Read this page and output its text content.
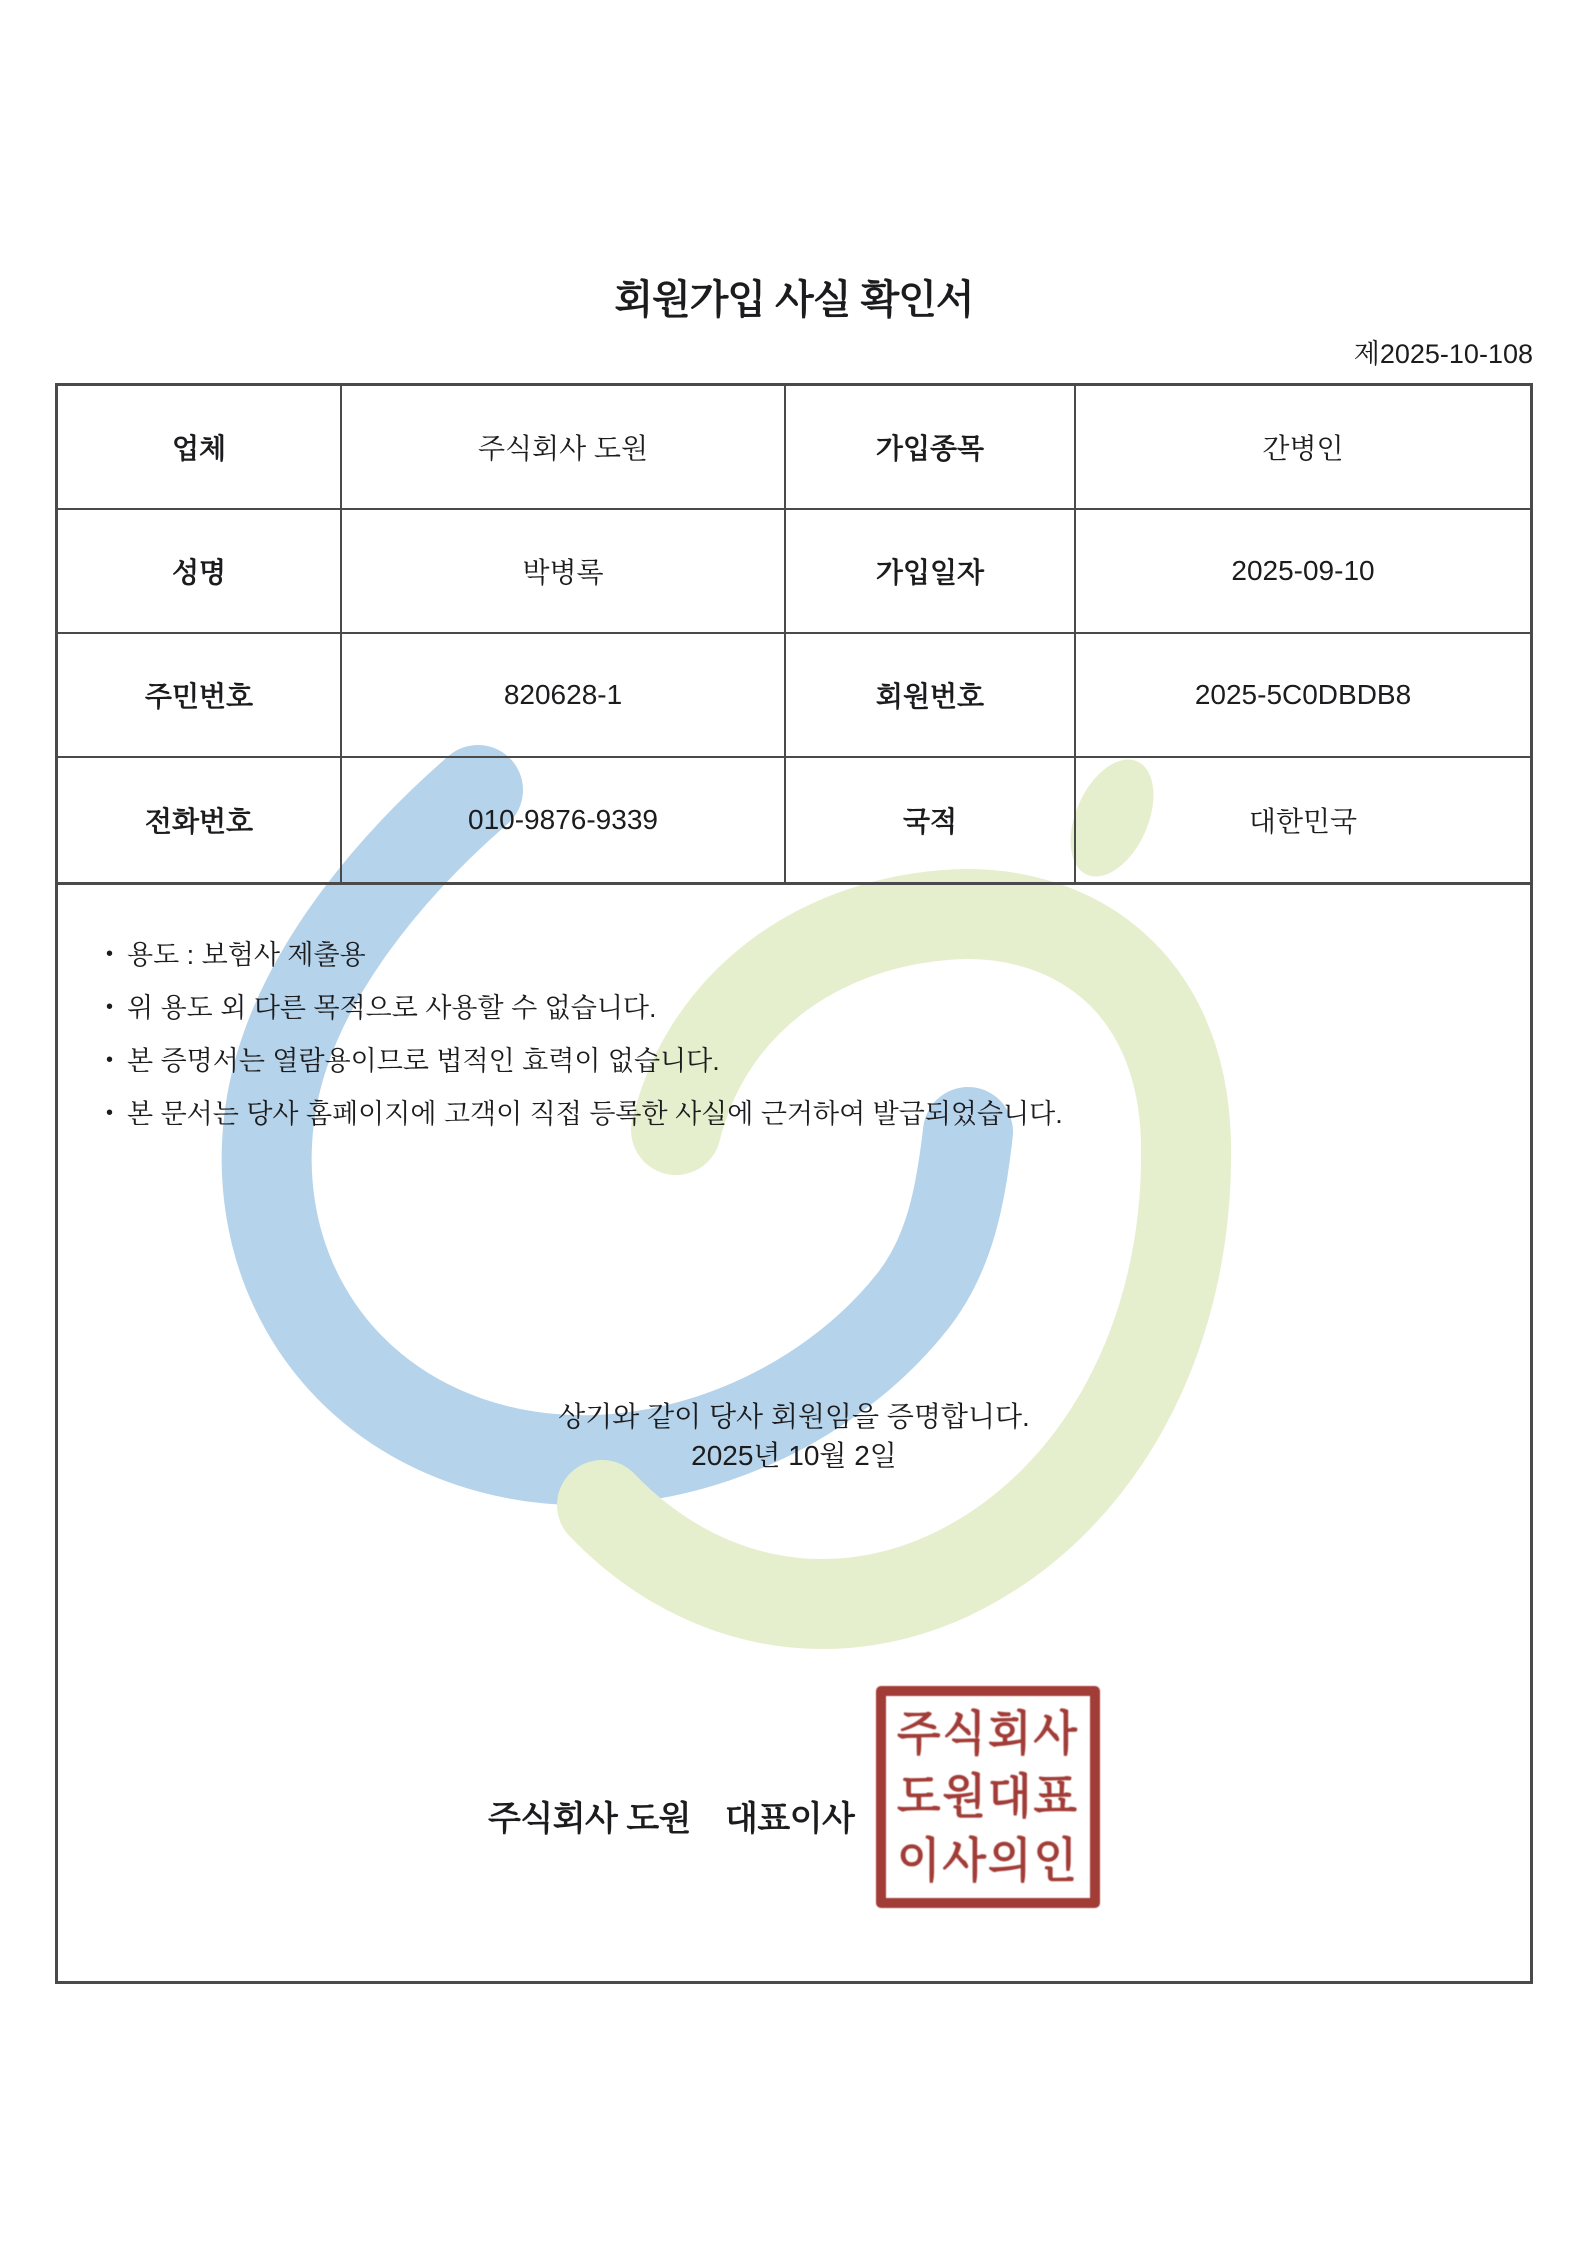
회원가입 사실 확인서
제2025-10-108
업체	주식회사 도원	가입종목	간병인
성명	박병록	가입일자	2025-09-10
주민번호	820628-1	회원번호	2025-5C0DBDB8
전화번호	010-9876-9339	국적	대한민국
• 용도 : 보험사 제출용
• 위 용도 외 다른 목적으로 사용할 수 없습니다.
• 본 증명서는 열람용이므로 법적인 효력이 없습니다.
• 본 문서는 당사 홈페이지에 고객이 직접 등록한 사실에 근거하여 발급되었습니다.
상기와 같이 당사 회원임을 증명합니다.
2025년 10월 2일
주식회사 도원 대표이사
주식회사
도원대표
이사의인
